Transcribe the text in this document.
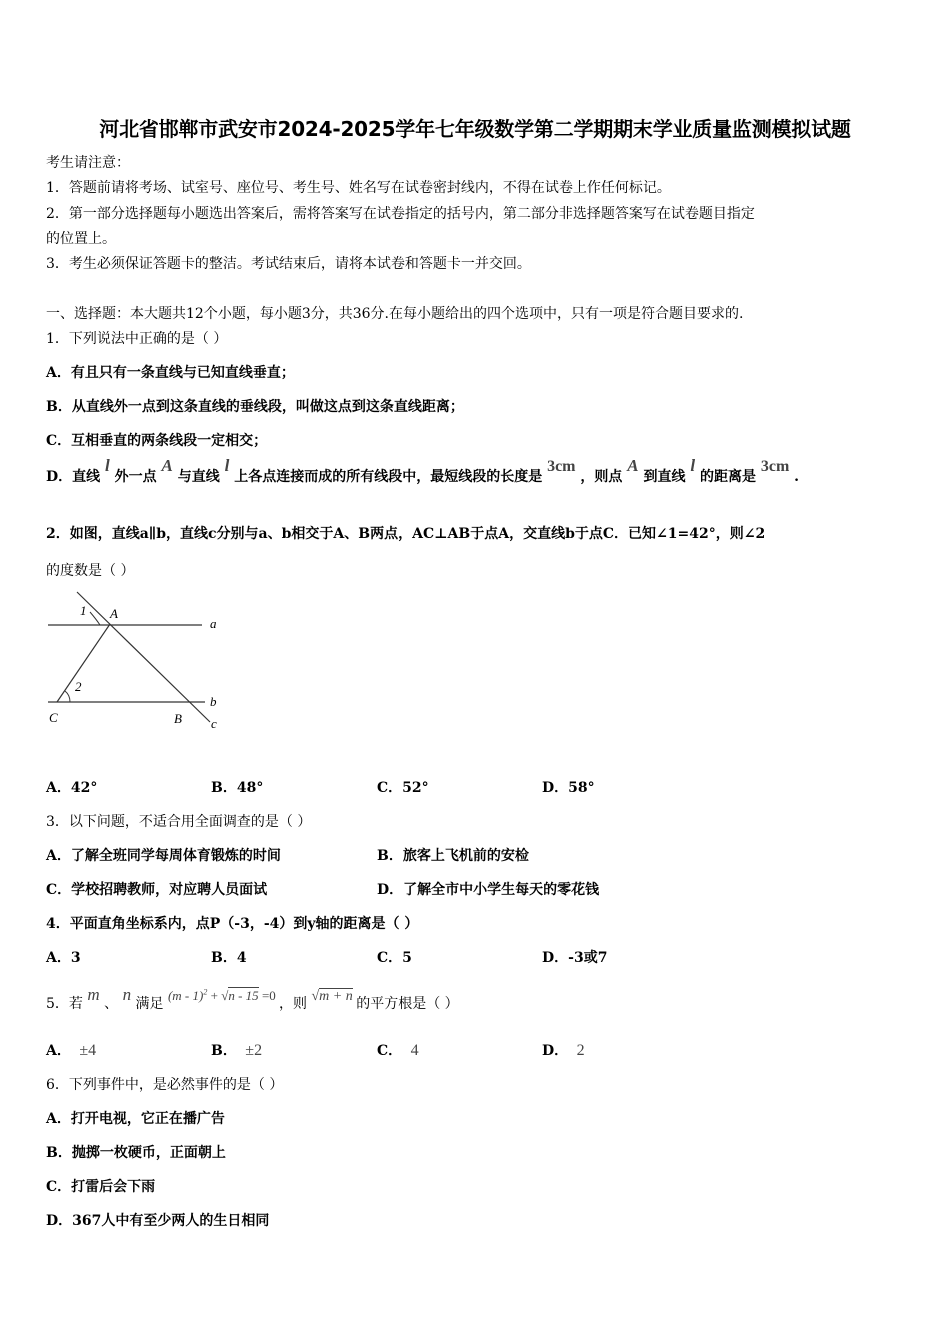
河北省邯郸市武安市2024-2025学年七年级数学第二学期期末学业质量监测模拟试题
考生请注意：
1．答题前请将考场、试室号、座位号、考生号、姓名写在试卷密封线内，不得在试卷上作任何标记。
2．第一部分选择题每小题选出答案后，需将答案写在试卷指定的括号内，第二部分非选择题答案写在试卷题目指定
的位置上。
3．考生必须保证答题卡的整洁。考试结束后，请将本试卷和答题卡一并交回。
一、选择题：本大题共12个小题，每小题3分，共36分.在每小题给出的四个选项中，只有一项是符合题目要求的.
1．下列说法中正确的是（ ）
A．有且只有一条直线与已知直线垂直；
B．从直线外一点到这条直线的垂线段，叫做这点到这条直线距离；
C．互相垂直的两条线段一定相交；
D．直线 l 外一点 A 与直线 l 上各点连接而成的所有线段中，最短线段的长度是 3cm ，则点 A 到直线 l 的距离是 3cm .
2．如图，直线a∥b，直线c分别与a、b相交于A、B两点，AC⊥AB于点A，交直线b于点C．已知∠1=42°，则∠2
的度数是（ ）
1 A
a
2
b
C	B c
A．42°	B．48°	C．52°	D．58°
3．以下问题，不适合用全面调查的是（ ）
A．了解全班同学每周体育锻炼的时间	B．旅客上飞机前的安检
C．学校招聘教师，对应聘人员面试	D．了解全市中小学生每天的零花钱
4．平面直角坐标系内，点P（-3，-4）到y轴的距离是（ ）
A．3	B．4	C．5	D．-3或7
5．若 m 、 n 满足 (m - 1)$^2$ + √n - 15 =0 ，则 √m + n 的平方根是（ ）
A． ±4	B． ±2	C． 4	D． 2
6．下列事件中，是必然事件的是（ ）
A．打开电视，它正在播广告
B．抛掷一枚硬币，正面朝上
C．打雷后会下雨
D．367人中有至少两人的生日相同
